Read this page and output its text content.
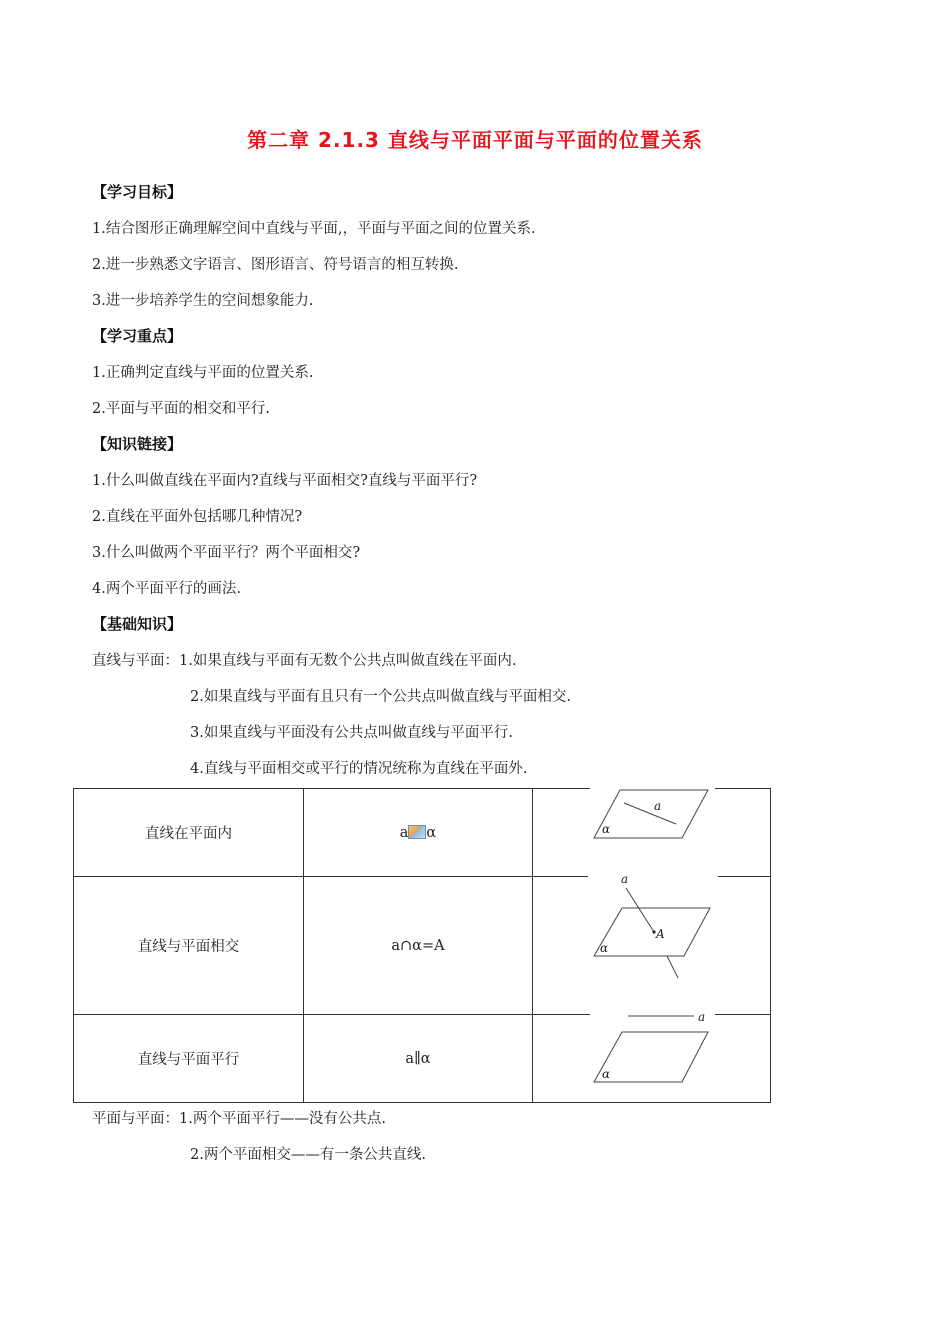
第二章 2.1.3 直线与平面平面与平面的位置关系
【学习目标】
1.结合图形正确理解空间中直线与平面,，平面与平面之间的位置关系.
2.进一步熟悉文字语言、图形语言、符号语言的相互转换.
3.进一步培养学生的空间想象能力.
【学习重点】
1.正确判定直线与平面的位置关系.
2.平面与平面的相交和平行.
【知识链接】
1.什么叫做直线在平面内?直线与平面相交?直线与平面平行?
2.直线在平面外包括哪几种情况?
3.什么叫做两个平面平行？两个平面相交?
4.两个平面平行的画法.
【基础知识】
直线与平面：1.如果直线与平面有无数个公共点叫做直线在平面内.
2.如果直线与平面有且只有一个公共点叫做直线与平面相交.
3.如果直线与平面没有公共点叫做直线与平面平行.
4.直线与平面相交或平行的情况统称为直线在平面外.
直线在平面内	a α	
直线与平面相交	a∩α=A	
直线与平面平行	a∥α	
a
α
a
A
α
a
α
平面与平面：1.两个平面平行——没有公共点.
2.两个平面相交——有一条公共直线.
